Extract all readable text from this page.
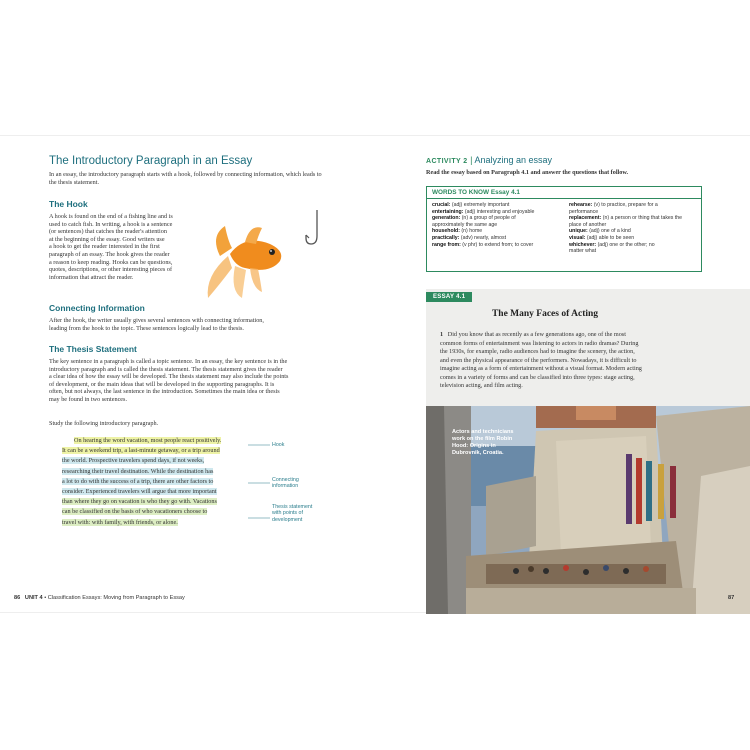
The Introductory Paragraph in an Essay
In an essay, the introductory paragraph starts with a hook, followed by connecting information, which leads to the thesis statement.
The Hook
A hook is found on the end of a fishing line and is
used to catch fish. In writing, a hook is a sentence
(or sentences) that catches the reader's attention
at the beginning of the essay. Good writers use
a hook to get the reader interested in the first
paragraph of an essay. The hook gives the reader
a reason to keep reading. Hooks can be questions,
quotes, descriptions, or other interesting pieces of
information that attract the reader.
Connecting Information
After the hook, the writer usually gives several sentences with connecting information,
leading from the hook to the topic. These sentences logically lead to the thesis.
The Thesis Statement
The key sentence in a paragraph is called a topic sentence. In an essay, the key sentence is in the
introductory paragraph and is called the thesis statement. The thesis statement gives the reader
a clear idea of how the essay will be developed. The thesis statement may also include the points
of development, or the main ideas that will be developed in the supporting paragraphs. It is
often, but not always, the last sentence in the introduction. Sometimes the main idea or thesis
may be found in two sentences.
Study the following introductory paragraph.
On hearing the word vacation, most people react positively.
It can be a weekend trip, a last-minute getaway, or a trip around
the world. Prospective travelers spend days, if not weeks,
researching their travel destination. While the destination has
a lot to do with the success of a trip, there are other factors to
consider. Experienced travelers will argue that more important
than where they go on vacation is who they go with. Vacations
can be classified on the basis of who vacationers choose to
travel with: with family, with friends, or alone.
Hook
Connecting
information
Thesis statement
with points of
development
86 UNIT 4 • Classification Essays: Moving from Paragraph to Essay
ACTIVITY 2 | Analyzing an essay
Read the essay based on Paragraph 4.1 and answer the questions that follow.
WORDS TO KNOW Essay 4.1
crucial: (adj) extremely important
entertaining: (adj) interesting and enjoyable
generation: (n) a group of people of
approximately the same age
household: (n) home
practically: (adv) nearly, almost
range from: (v phr) to extend from; to cover
rehearse: (v) to practice, prepare for a
performance
replacement: (n) a person or thing that takes the
place of another
unique: (adj) one of a kind
visual: (adj) able to be seen
whichever: (adj) one or the other; no
matter what
ESSAY 4.1
The Many Faces of Acting
1 Did you know that as recently as a few generations ago, one of the most
common forms of entertainment was listening to actors in radio dramas? During
the 1930s, for example, radio audiences had to imagine the scenery, the action,
and even the physical appearance of the performers. Nowadays, it is difficult to
imagine acting as a form of entertainment without a visual format. Modern acting
comes in a variety of forms and can be classified into three types: stage acting,
television acting, and film acting.
Actors and technicians
work on the film Robin
Hood: Origins in
Dubrovnik, Croatia.
87
